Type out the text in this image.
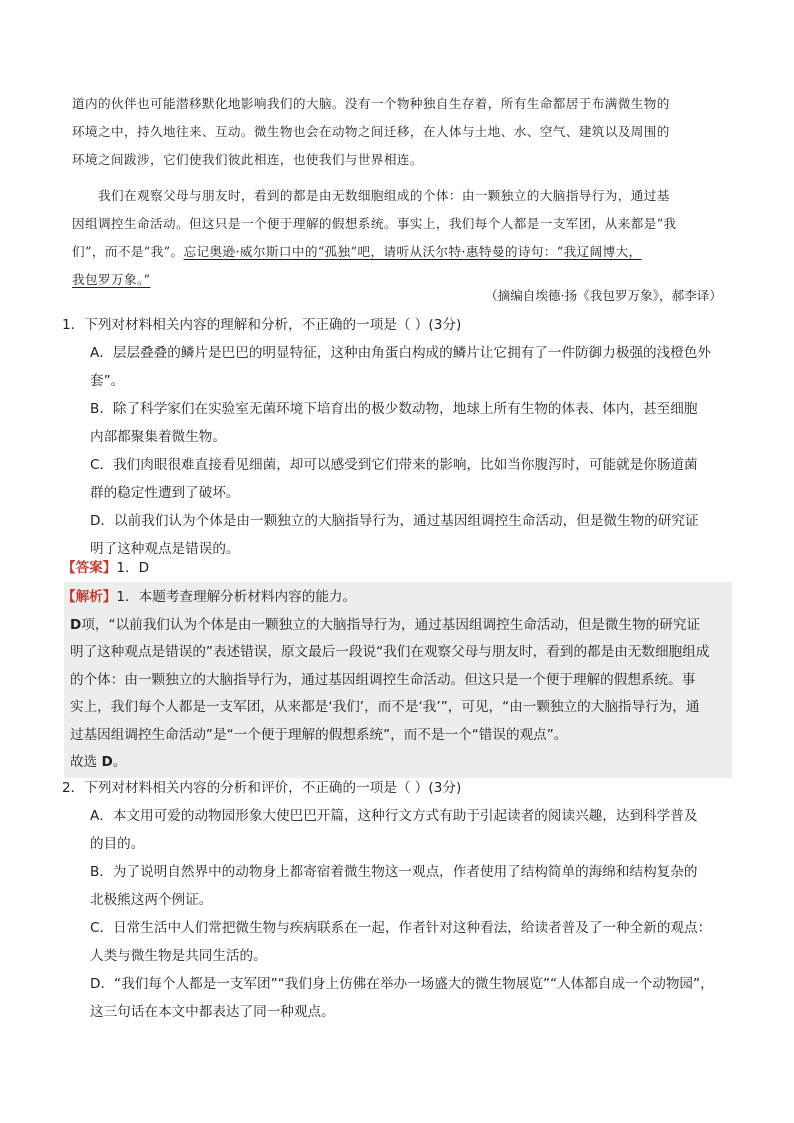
道内的伙伴也可能潜移默化地影响我们的大脑。没有一个物种独自生存着，所有生命都居于布满微生物的
环境之中，持久地往来、互动。微生物也会在动物之间迁移，在人体与土地、水、空气、建筑以及周围的
环境之间跋涉，它们使我们彼此相连，也使我们与世界相连。
我们在观察父母与朋友时，看到的都是由无数细胞组成的个体：由一颗独立的大脑指导行为，通过基
因组调控生命活动。但这只是一个便于理解的假想系统。事实上，我们每个人都是一支军团，从来都是“我
们”，而不是“我”。忘记奥逊·威尔斯口中的“孤独”吧，请听从沃尔特·惠特曼的诗句：“我辽阔博大，
我包罗万象。”
（摘编自埃德·扬《我包罗万象》，郝李译）
1．下列对材料相关内容的理解和分析，不正确的一项是（ ）(3分)
A．层层叠叠的鳞片是巴巴的明显特征，这种由角蛋白构成的鳞片让它拥有了一件防御力极强的浅橙色外
套”。
B．除了科学家们在实验室无菌环境下培育出的极少数动物，地球上所有生物的体表、体内，甚至细胞
内部都聚集着微生物。
C．我们肉眼很难直接看见细菌，却可以感受到它们带来的影响，比如当你腹泻时，可能就是你肠道菌
群的稳定性遭到了破坏。
D．以前我们认为个体是由一颗独立的大脑指导行为，通过基因组调控生命活动，但是微生物的研究证
明了这种观点是错误的。
【答案】1．D
【解析】1．本题考查理解分析材料内容的能力。
D项，“以前我们认为个体是由一颗独立的大脑指导行为，通过基因组调控生命活动，但是微生物的研究证
明了这种观点是错误的”表述错误，原文最后一段说“我们在观察父母与朋友时，看到的都是由无数细胞组成
的个体：由一颗独立的大脑指导行为，通过基因组调控生命活动。但这只是一个便于理解的假想系统。事
实上，我们每个人都是一支军团，从来都是‘我们’，而不是‘我’”，可见，“由一颗独立的大脑指导行为，通
过基因组调控生命活动”是“一个便于理解的假想系统”，而不是一个“错误的观点”。
故选 D。
2．下列对材料相关内容的分析和评价，不正确的一项是（ ）(3分)
A．本文用可爱的动物园形象大使巴巴开篇，这种行文方式有助于引起读者的阅读兴趣，达到科学普及
的目的。
B．为了说明自然界中的动物身上都寄宿着微生物这一观点，作者使用了结构简单的海绵和结构复杂的
北极熊这两个例证。
C．日常生活中人们常把微生物与疾病联系在一起，作者针对这种看法，给读者普及了一种全新的观点：
人类与微生物是共同生活的。
D．“我们每个人都是一支军团”“我们身上仿佛在举办一场盛大的微生物展览”“人体都自成一个动物园”，
这三句话在本文中都表达了同一种观点。
